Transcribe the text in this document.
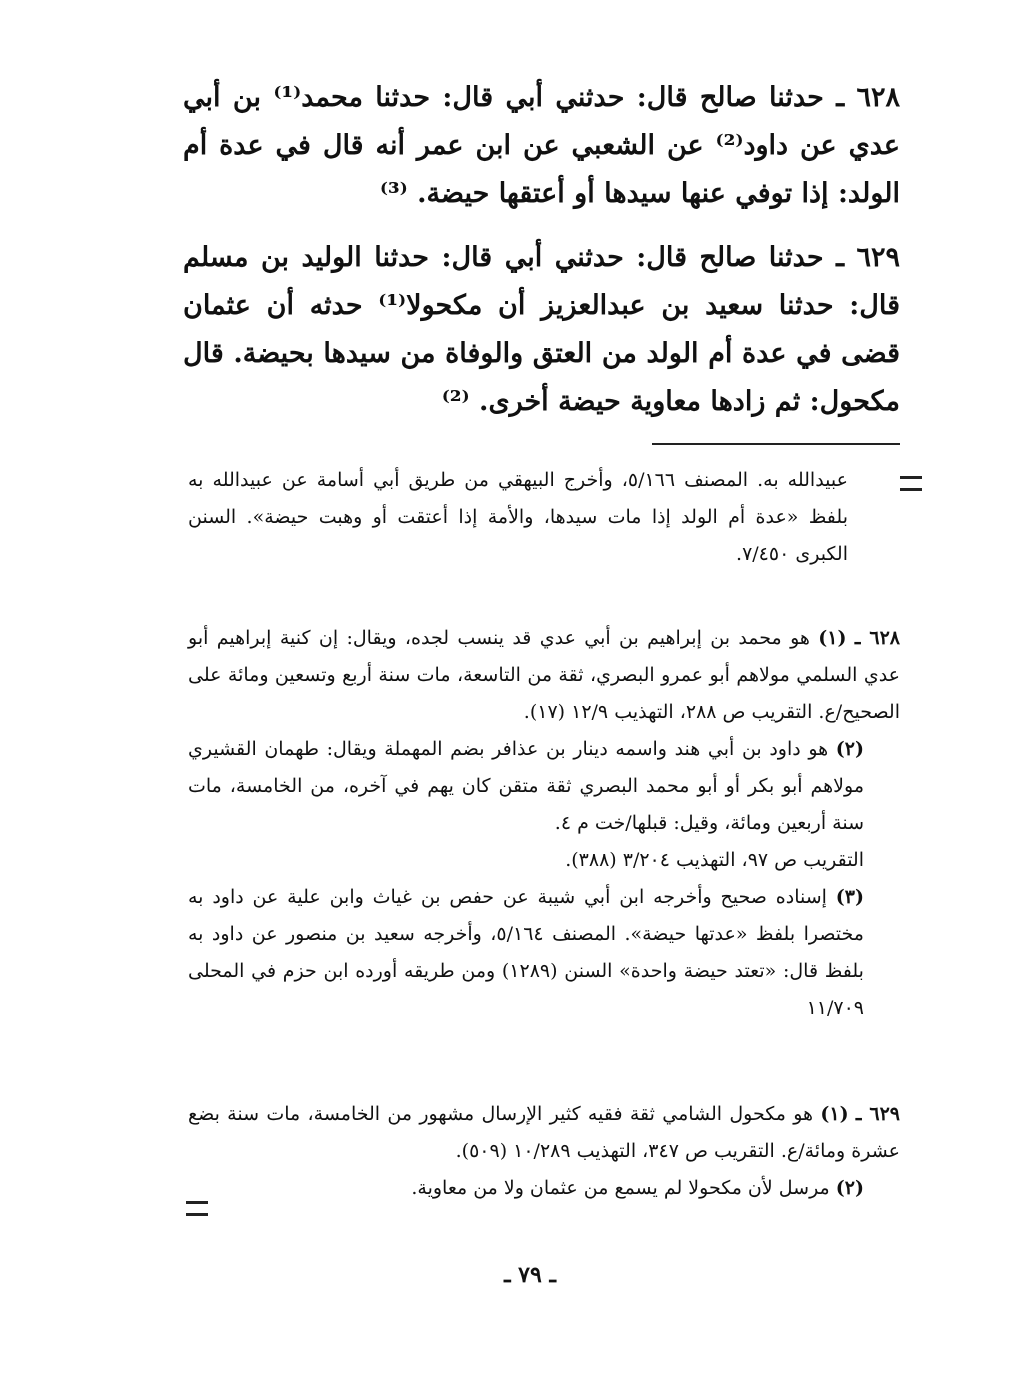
٦٢٨ ـ حدثنا صالح قال: حدثني أبي قال: حدثنا محمد⁽¹⁾ بن أبي عدي عن داود⁽²⁾ عن الشعبي عن ابن عمر أنه قال في عدة أم الولد: إذا توفي عنها سيدها أو أعتقها حيضة. ⁽³⁾
٦٢٩ ـ حدثنا صالح قال: حدثني أبي قال: حدثنا الوليد بن مسلم قال: حدثنا سعيد بن عبدالعزيز أن مكحولا⁽¹⁾ حدثه أن عثمان قضى في عدة أم الولد من العتق والوفاة من سيدها بحيضة. قال مكحول: ثم زادها معاوية حيضة أخرى. ⁽²⁾

عبيدالله به. المصنف ٥/١٦٦، وأخرج البيهقي من طريق أبي أسامة عن عبيدالله به بلفظ «عدة أم الولد إذا مات سيدها، والأمة إذا أعتقت أو وهبت حيضة». السنن الكبرى ٧/٤٥٠.

٦٢٨ ـ (١) هو محمد بن إبراهيم بن أبي عدي قد ينسب لجده، ويقال: إن كنية إبراهيم أبو عدي السلمي مولاهم أبو عمرو البصري، ثقة من التاسعة، مات سنة أربع وتسعين ومائة على الصحيح/ع. التقريب ص ٢٨٨، التهذيب ١٢/٩ (١٧).

(٢) هو داود بن أبي هند واسمه دينار بن عذافر بضم المهملة ويقال: طهمان القشيري مولاهم أبو بكر أو أبو محمد البصري ثقة متقن كان يهم في آخره، من الخامسة، مات سنة أربعين ومائة، وقيل: قبلها/خت م ٤.

التقريب ص ٩٧، التهذيب ٣/٢٠٤ (٣٨٨).

(٣) إسناده صحيح وأخرجه ابن أبي شيبة عن حفص بن غياث وابن علية عن داود به مختصرا بلفظ «عدتها حيضة». المصنف ٥/١٦٤، وأخرجه سعيد بن منصور عن داود به بلفظ قال: «تعتد حيضة واحدة» السنن (١٢٨٩) ومن طريقه أورده ابن حزم في المحلى ١١/٧٠٩

٦٢٩ ـ (١) هو مكحول الشامي ثقة فقيه كثير الإرسال مشهور من الخامسة، مات سنة بضع عشرة ومائة/ع. التقريب ص ٣٤٧، التهذيب ١٠/٢٨٩ (٥٠٩).

(٢) مرسل لأن مكحولا لم يسمع من عثمان ولا من معاوية.

ـ ٧٩ ـ
